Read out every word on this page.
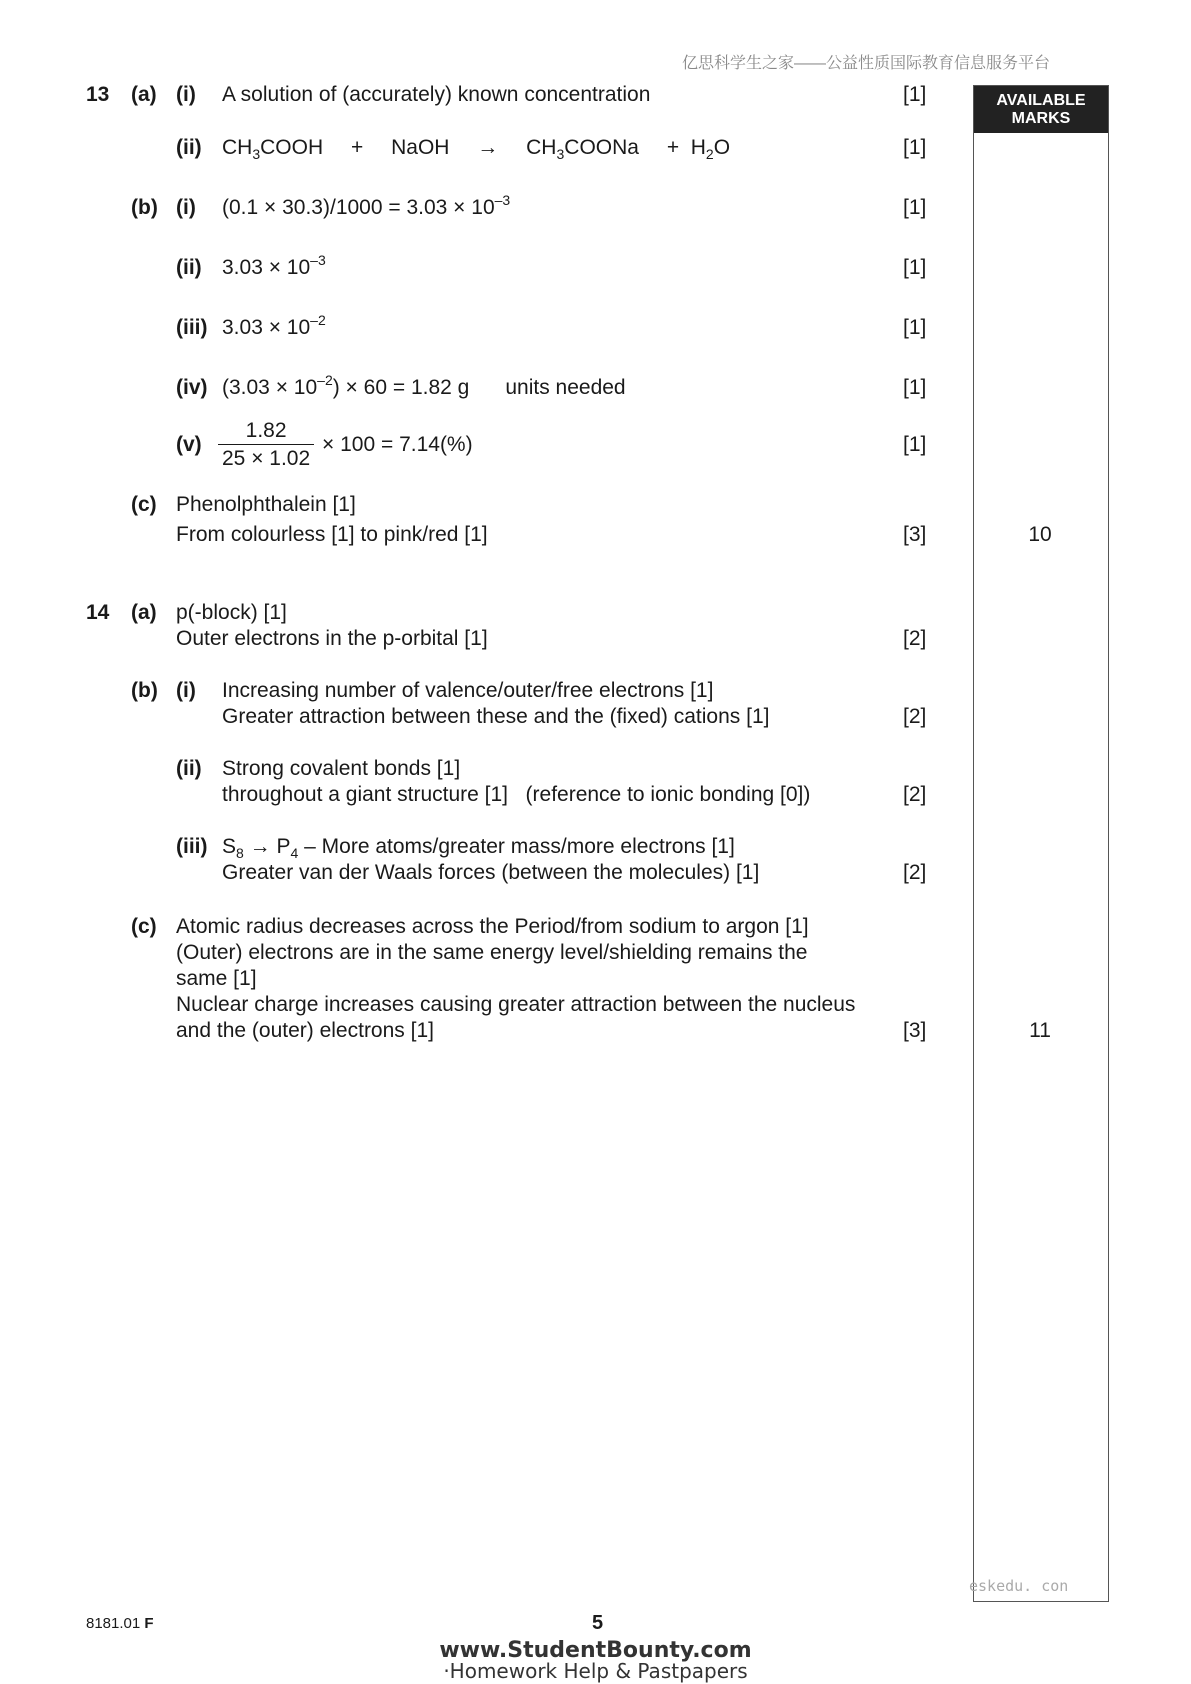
亿思科学生之家——公益性质国际教育信息服务平台
AVAILABLE
MARKS
13 (a) (i) A solution of (accurately) known concentration	[1]
(ii) $CH_3COOH$ + NaOH → $CH_3COONa + H_2O$	[1]
(b) (i) $(0.1 \times 30.3)/1000 = 3.03 \times 10^{-3}$	[1]
(ii) $3.03 \times 10^{-3}$	[1]
(iii) $3.03 \times 10^{-2}$	[1]
(iv) $(3.03 \times 10^{-2}) \times 60 = 1.82$ g units needed	[1]
$(v) \frac{1.82}{25 \times 1.02} \times 100 = 7.14(\%)$	[1]
(c) Phenolphthalein [1]
From colourless [1] to pink/red [1]	[3]	10
14 (a) p(-block) [1]
Outer electrons in the p-orbital [1]	[2]
(b) (i) Increasing number of valence/outer/free electrons [1]
Greater attraction between these and the (fixed) cations [1]	[2]
(ii) Strong covalent bonds [1]
throughout a giant structure [1] (reference to ionic bonding [0])	[2]
(iii) $S_8 \to P_4$ – More atoms/greater mass/more electrons [1]
Greater van der Waals forces (between the molecules) [1]	[2]
(c) Atomic radius decreases across the Period/from sodium to argon [1]
(Outer) electrons are in the same energy level/shielding remains the
same [1]
Nuclear charge increases causing greater attraction between the nucleus
and the (outer) electrons [1]	[3]	11
eskedu. con
8181.01 F	5
www.StudentBounty.com
·Homework Help & Pastpapers
